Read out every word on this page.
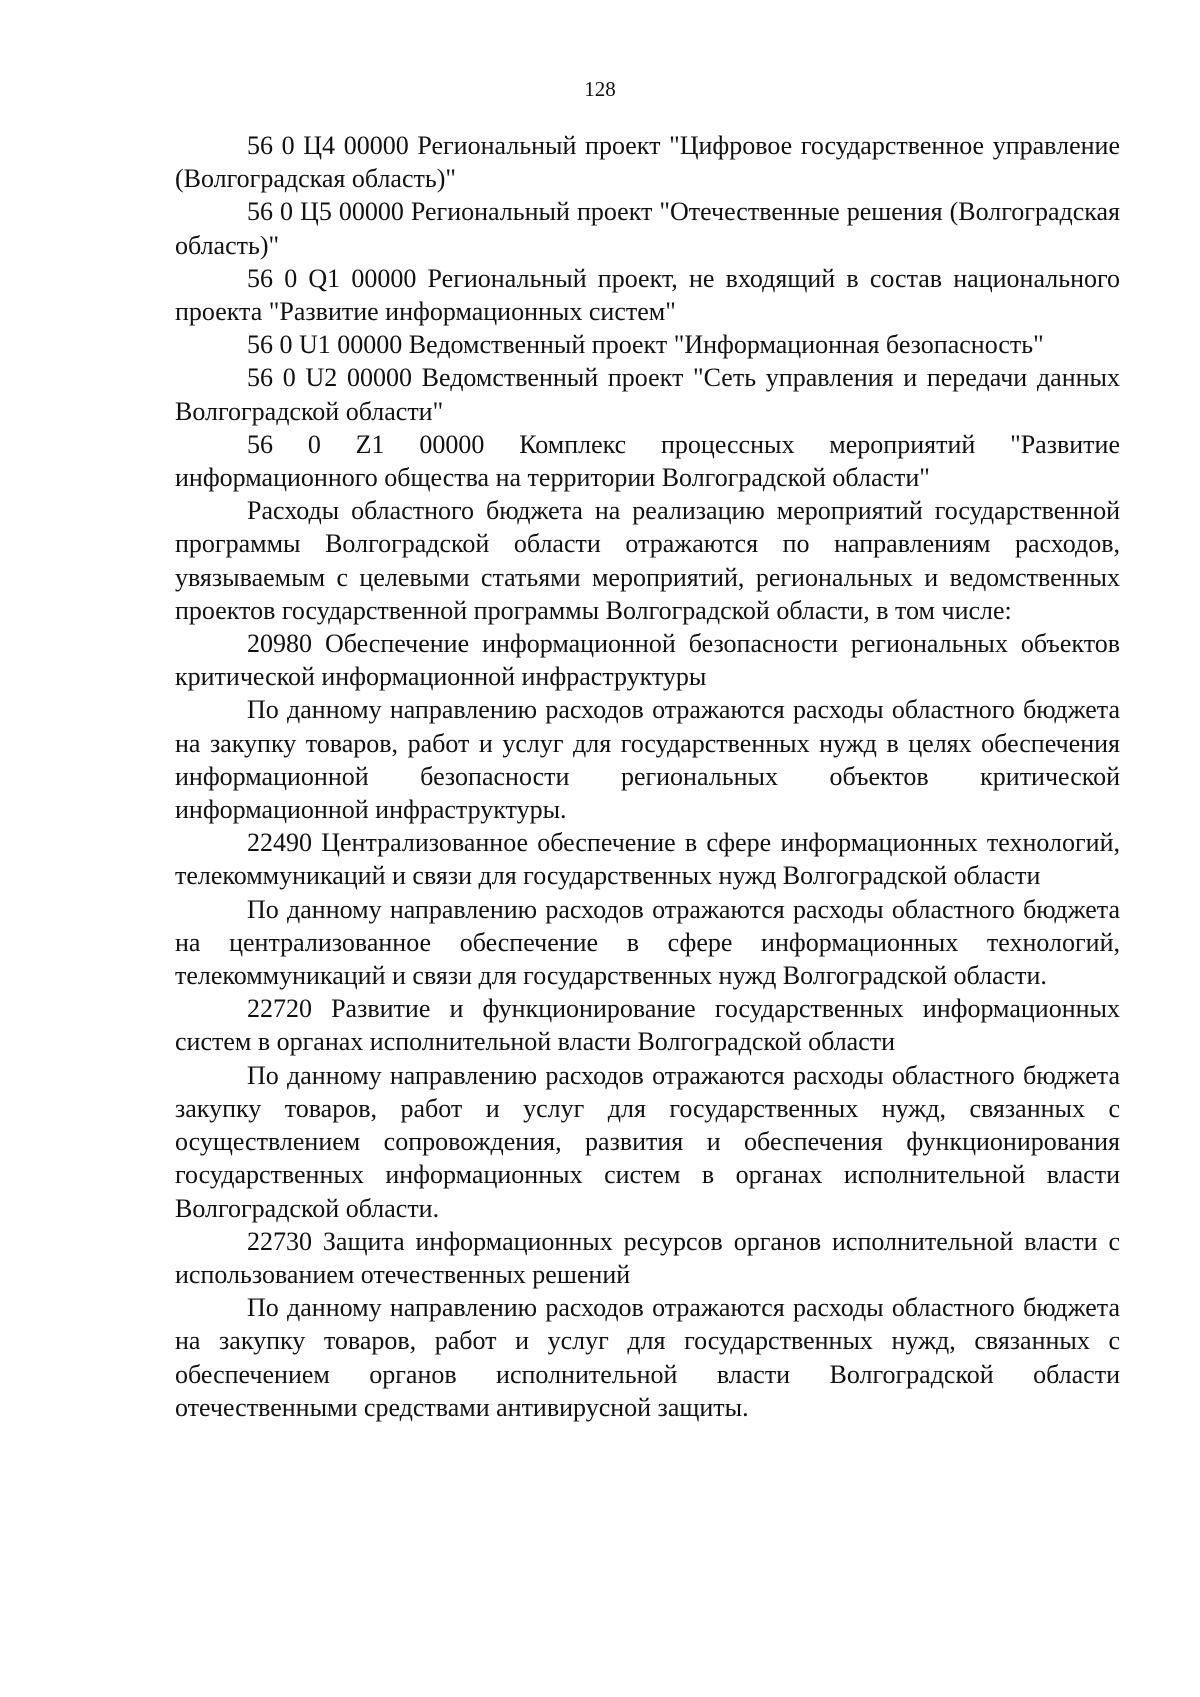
128

56 0 Ц4 00000 Региональный проект "Цифровое государственное управление (Волгоградская область)"

56 0 Ц5 00000 Региональный проект "Отечественные решения (Волгоградская область)"

56 0 Q1 00000 Региональный проект, не входящий в состав национального проекта "Развитие информационных систем"

56 0 U1 00000 Ведомственный проект "Информационная безопасность"

56 0 U2 00000 Ведомственный проект "Сеть управления и передачи данных Волгоградской области"

56 0 Z1 00000 Комплекс процессных мероприятий "Развитие информационного общества на территории Волгоградской области"

Расходы областного бюджета на реализацию мероприятий государственной программы Волгоградской области отражаются по направлениям расходов, увязываемым с целевыми статьями мероприятий, региональных и ведомственных проектов государственной программы Волгоградской области, в том числе:

20980 Обеспечение информационной безопасности региональных объектов критической информационной инфраструктуры

По данному направлению расходов отражаются расходы областного бюджета на закупку товаров, работ и услуг для государственных нужд в целях обеспечения информационной безопасности региональных объектов критической информационной инфраструктуры.

22490 Централизованное обеспечение в сфере информационных технологий, телекоммуникаций и связи для государственных нужд Волгоградской области

По данному направлению расходов отражаются расходы областного бюджета на централизованное обеспечение в сфере информационных технологий, телекоммуникаций и связи для государственных нужд Волгоградской области.

22720 Развитие и функционирование государственных информационных систем в органах исполнительной власти Волгоградской области

По данному направлению расходов отражаются расходы областного бюджета закупку товаров, работ и услуг для государственных нужд, связанных с осуществлением сопровождения, развития и обеспечения функционирования государственных информационных систем в органах исполнительной власти Волгоградской области.

22730 Защита информационных ресурсов органов исполнительной власти с использованием отечественных решений

По данному направлению расходов отражаются расходы областного бюджета на закупку товаров, работ и услуг для государственных нужд, связанных с обеспечением органов исполнительной власти Волгоградской области отечественными средствами антивирусной защиты.
